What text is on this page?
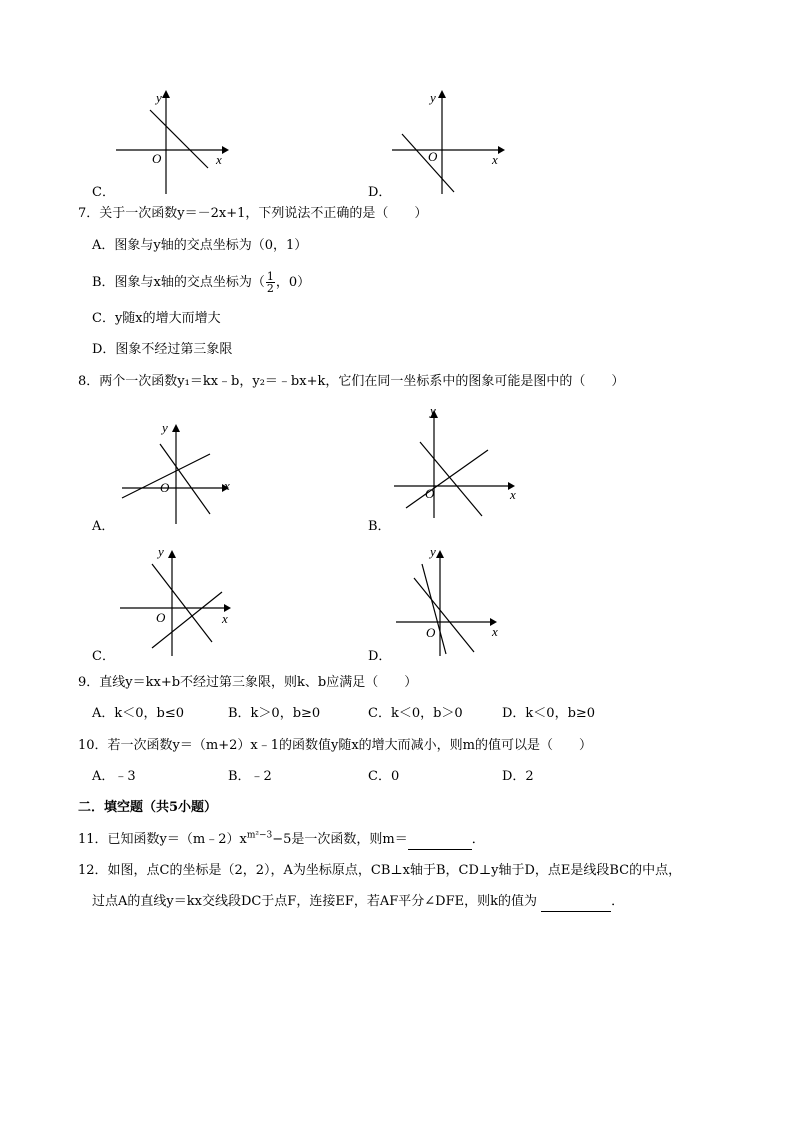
y
x
O
C．
y
x
O
D．
7．关于一次函数y＝－2x+1，下列说法不正确的是（　　）
A．图象与y轴的交点坐标为（0，1）
B．图象与x轴的交点坐标为（ $\frac{1}{2}$ ，0）
C．y随x的增大而增大
D．图象不经过第三象限
8．两个一次函数y₁＝kx﹣b，y₂＝﹣bx+k，它们在同一坐标系中的图象可能是图中的（　　）
y
x
O
A．
y
x
O
B．
y
x
O
C．
y
x
O
D．
9．直线y＝kx+b不经过第三象限，则k、b应满足（　　）
A．k＜0，b≤0	B．k＞0，b≥0	C．k＜0，b＞0	D．k＜0，b≥0
10．若一次函数y＝（m+2）x﹣1的函数值y随x的增大而减小，则m的值可以是（　　）
A．﹣3	B．﹣2	C．0	D．2
二．填空题（共5小题）
11．已知函数$y=(m﹣2)x^{m^2-3}-5$是一次函数，则m＝	．
12．如图，点C的坐标是（2，2），A为坐标原点，CB⊥x轴于B，CD⊥y轴于D，点E是线段BC的中点，
过点A的直线y＝kx交线段DC于点F，连接EF，若AF平分∠DFE，则k的值为	．
